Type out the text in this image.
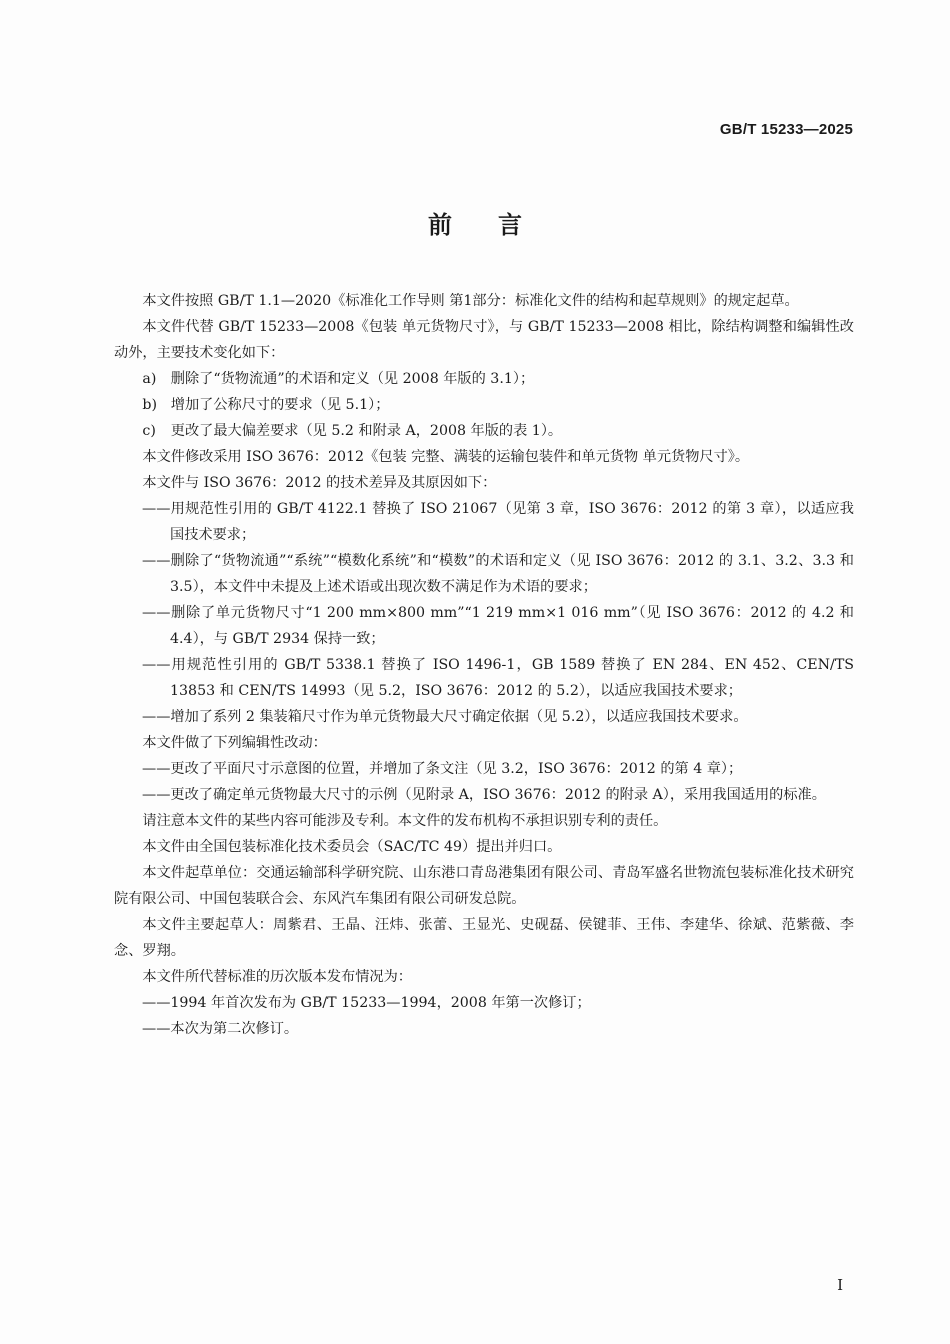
GB/T 15233—2025
前言

本文件按照 GB/T 1.1—2020《标准化工作导则 第1部分：标准化文件的结构和起草规则》的规定起草。

本文件代替 GB/T 15233—2008《包装 单元货物尺寸》，与 GB/T 15233—2008 相比，除结构调整和编辑性改动外，主要技术变化如下：

a) 删除了“货物流通”的术语和定义（见 2008 年版的 3.1）；

b) 增加了公称尺寸的要求（见 5.1）；

c) 更改了最大偏差要求（见 5.2 和附录 A，2008 年版的表 1）。

本文件修改采用 ISO 3676：2012《包装 完整、满装的运输包装件和单元货物 单元货物尺寸》。

本文件与 ISO 3676：2012 的技术差异及其原因如下：

——用规范性引用的 GB/T 4122.1 替换了 ISO 21067（见第 3 章，ISO 3676：2012 的第 3 章），以适应我国技术要求；

——删除了“货物流通”“系统”“模数化系统”和“模数”的术语和定义（见 ISO 3676：2012 的 3.1、3.2、3.3 和 3.5），本文件中未提及上述术语或出现次数不满足作为术语的要求；

——删除了单元货物尺寸“1 200 mm×800 mm”“1 219 mm×1 016 mm”（见 ISO 3676：2012 的 4.2 和 4.4），与 GB/T 2934 保持一致；

——用规范性引用的 GB/T 5338.1 替换了 ISO 1496-1，GB 1589 替换了 EN 284、EN 452、CEN/TS 13853 和 CEN/TS 14993（见 5.2，ISO 3676：2012 的 5.2），以适应我国技术要求；

——增加了系列 2 集装箱尺寸作为单元货物最大尺寸确定依据（见 5.2），以适应我国技术要求。

本文件做了下列编辑性改动：

——更改了平面尺寸示意图的位置，并增加了条文注（见 3.2，ISO 3676：2012 的第 4 章）；

——更改了确定单元货物最大尺寸的示例（见附录 A，ISO 3676：2012 的附录 A），采用我国适用的标准。

请注意本文件的某些内容可能涉及专利。本文件的发布机构不承担识别专利的责任。

本文件由全国包装标准化技术委员会（SAC/TC 49）提出并归口。

本文件起草单位：交通运输部科学研究院、山东港口青岛港集团有限公司、青岛军盛名世物流包装标准化技术研究院有限公司、中国包装联合会、东风汽车集团有限公司研发总院。

本文件主要起草人：周紫君、王晶、汪炜、张蕾、王显光、史砚磊、侯键菲、王伟、李建华、徐斌、范紫薇、李念、罗翔。

本文件所代替标准的历次版本发布情况为：

——1994 年首次发布为 GB/T 15233—1994，2008 年第一次修订；

——本次为第二次修订。

I
